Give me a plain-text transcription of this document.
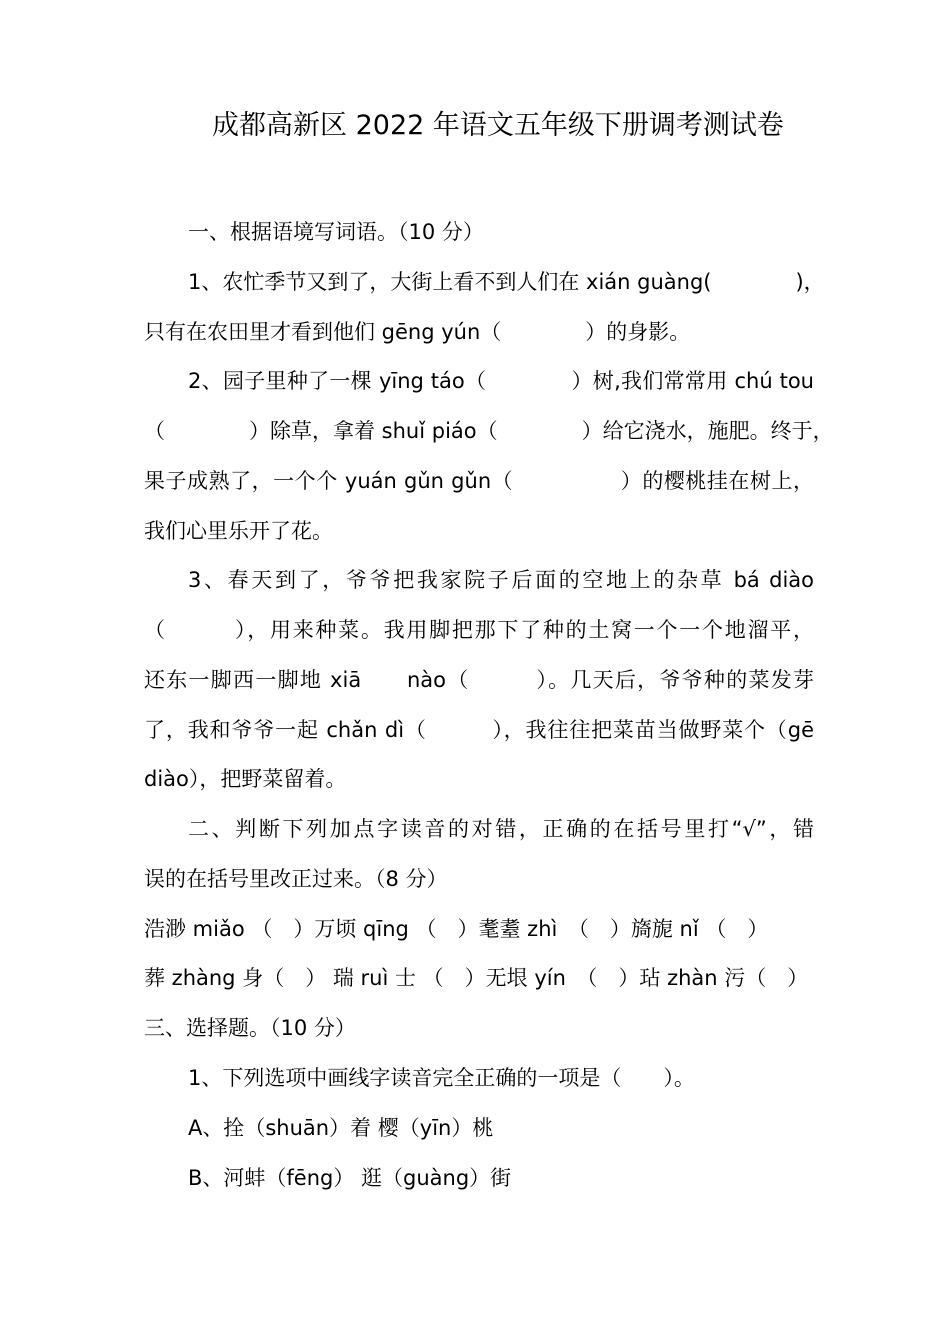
成都高新区 2022 年语文五年级下册调考测试卷
一、根据语境写词语。（10 分）
1、农忙季节又到了，大街上看不到人们在 xián guàng(　　　　)，
只有在农田里才看到他们 gēng yún（　　　　）的身影。
2、园子里种了一棵 yīng táo（　　　　）树,我们常常用 chú tou
（　　　　）除草，拿着 shuǐ piáo（　　　　）给它浇水，施肥。终于，
果子成熟了，一个个 yuán gǔn gǔn（　　　　　）的樱桃挂在树上，
我们心里乐开了花。
3、春天到了，爷爷把我家院子后面的空地上的杂草 bá diào
（　　　），用来种菜。我用脚把那下了种的土窝一个一个地溜平，
还东一脚西一脚地 xiā　　nào（　　　）。几天后，爷爷种的菜发芽
了，我和爷爷一起 chǎn dì（　　　），我往往把菜苗当做野菜个（gē
diào），把野菜留着。
二、判断下列加点字读音的对错，正确的在括号里打“√”，错
误的在括号里改正过来。（8 分）
浩渺 miǎo （　）万顷 qīng （　）耄耋 zhì　（　）旖旎 nǐ （　）
葬 zhàng 身（　） 瑞 ruì 士 （　）无垠 yín　（　）玷 zhàn 污（　）
三、选择题。（10 分）
1、下列选项中画线字读音完全正确的一项是（　　）。
A、拴（shuān）着 樱（yīn）桃
B、河蚌（fēng） 逛（guàng）街
